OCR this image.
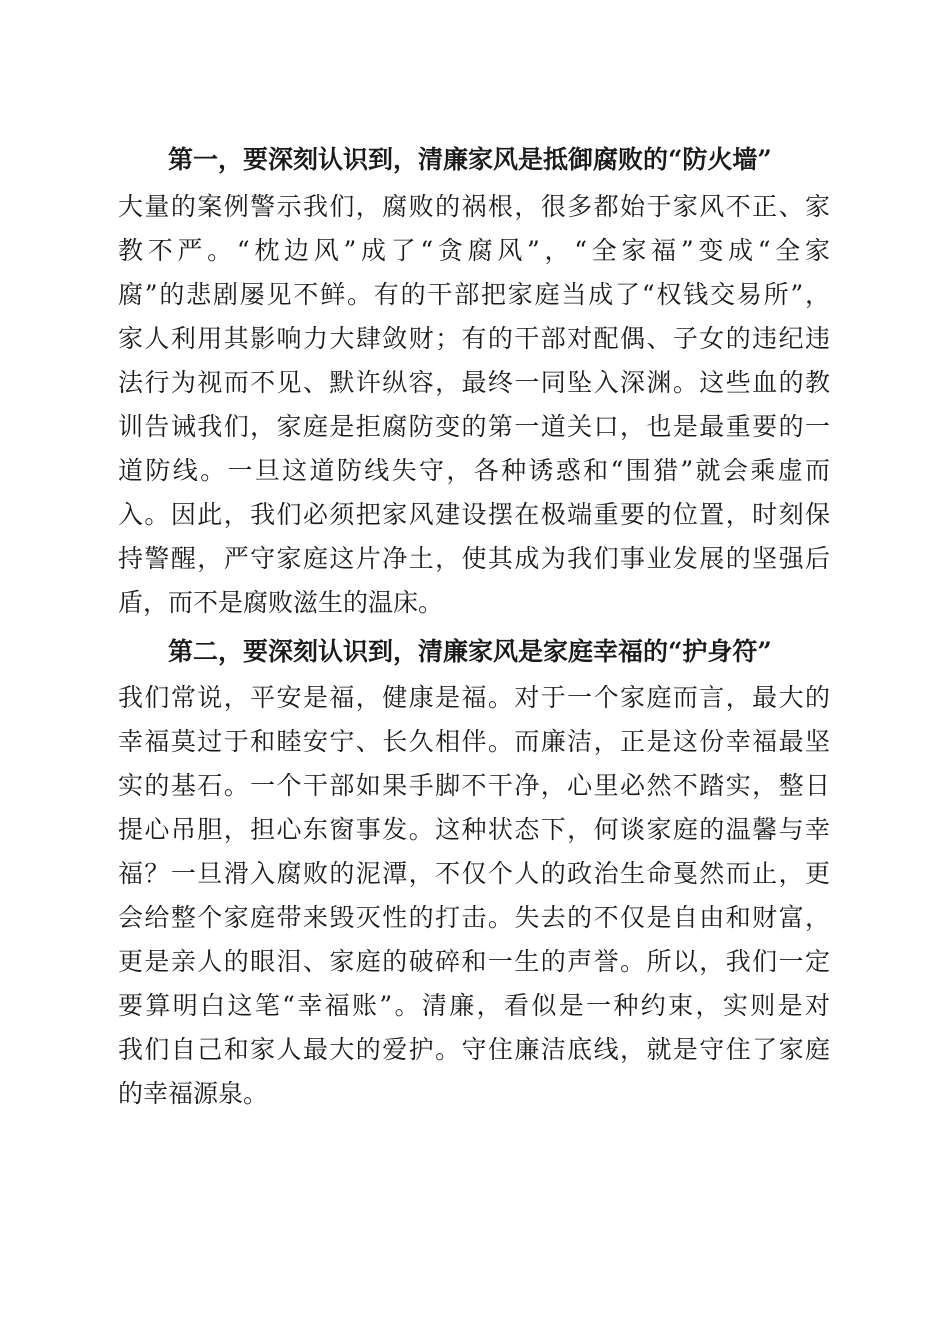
第一，要深刻认识到，清廉家风是抵御腐败的“防火墙”
大量的案例警示我们，腐败的祸根，很多都始于家风不正、家
教不严。“枕边风”成了“贪腐风”，“全家福”变成“全家
腐”的悲剧屡见不鲜。有的干部把家庭当成了“权钱交易所”，
家人利用其影响力大肆敛财；有的干部对配偶、子女的违纪违
法行为视而不见、默许纵容，最终一同坠入深渊。这些血的教
训告诫我们，家庭是拒腐防变的第一道关口，也是最重要的一
道防线。一旦这道防线失守，各种诱惑和“围猎”就会乘虚而
入。因此，我们必须把家风建设摆在极端重要的位置，时刻保
持警醒，严守家庭这片净土，使其成为我们事业发展的坚强后
盾，而不是腐败滋生的温床。
第二，要深刻认识到，清廉家风是家庭幸福的“护身符”
我们常说，平安是福，健康是福。对于一个家庭而言，最大的
幸福莫过于和睦安宁、长久相伴。而廉洁，正是这份幸福最坚
实的基石。一个干部如果手脚不干净，心里必然不踏实，整日
提心吊胆，担心东窗事发。这种状态下，何谈家庭的温馨与幸
福？一旦滑入腐败的泥潭，不仅个人的政治生命戛然而止，更
会给整个家庭带来毁灭性的打击。失去的不仅是自由和财富，
更是亲人的眼泪、家庭的破碎和一生的声誉。所以，我们一定
要算明白这笔“幸福账”。清廉，看似是一种约束，实则是对
我们自己和家人最大的爱护。守住廉洁底线，就是守住了家庭
的幸福源泉。
